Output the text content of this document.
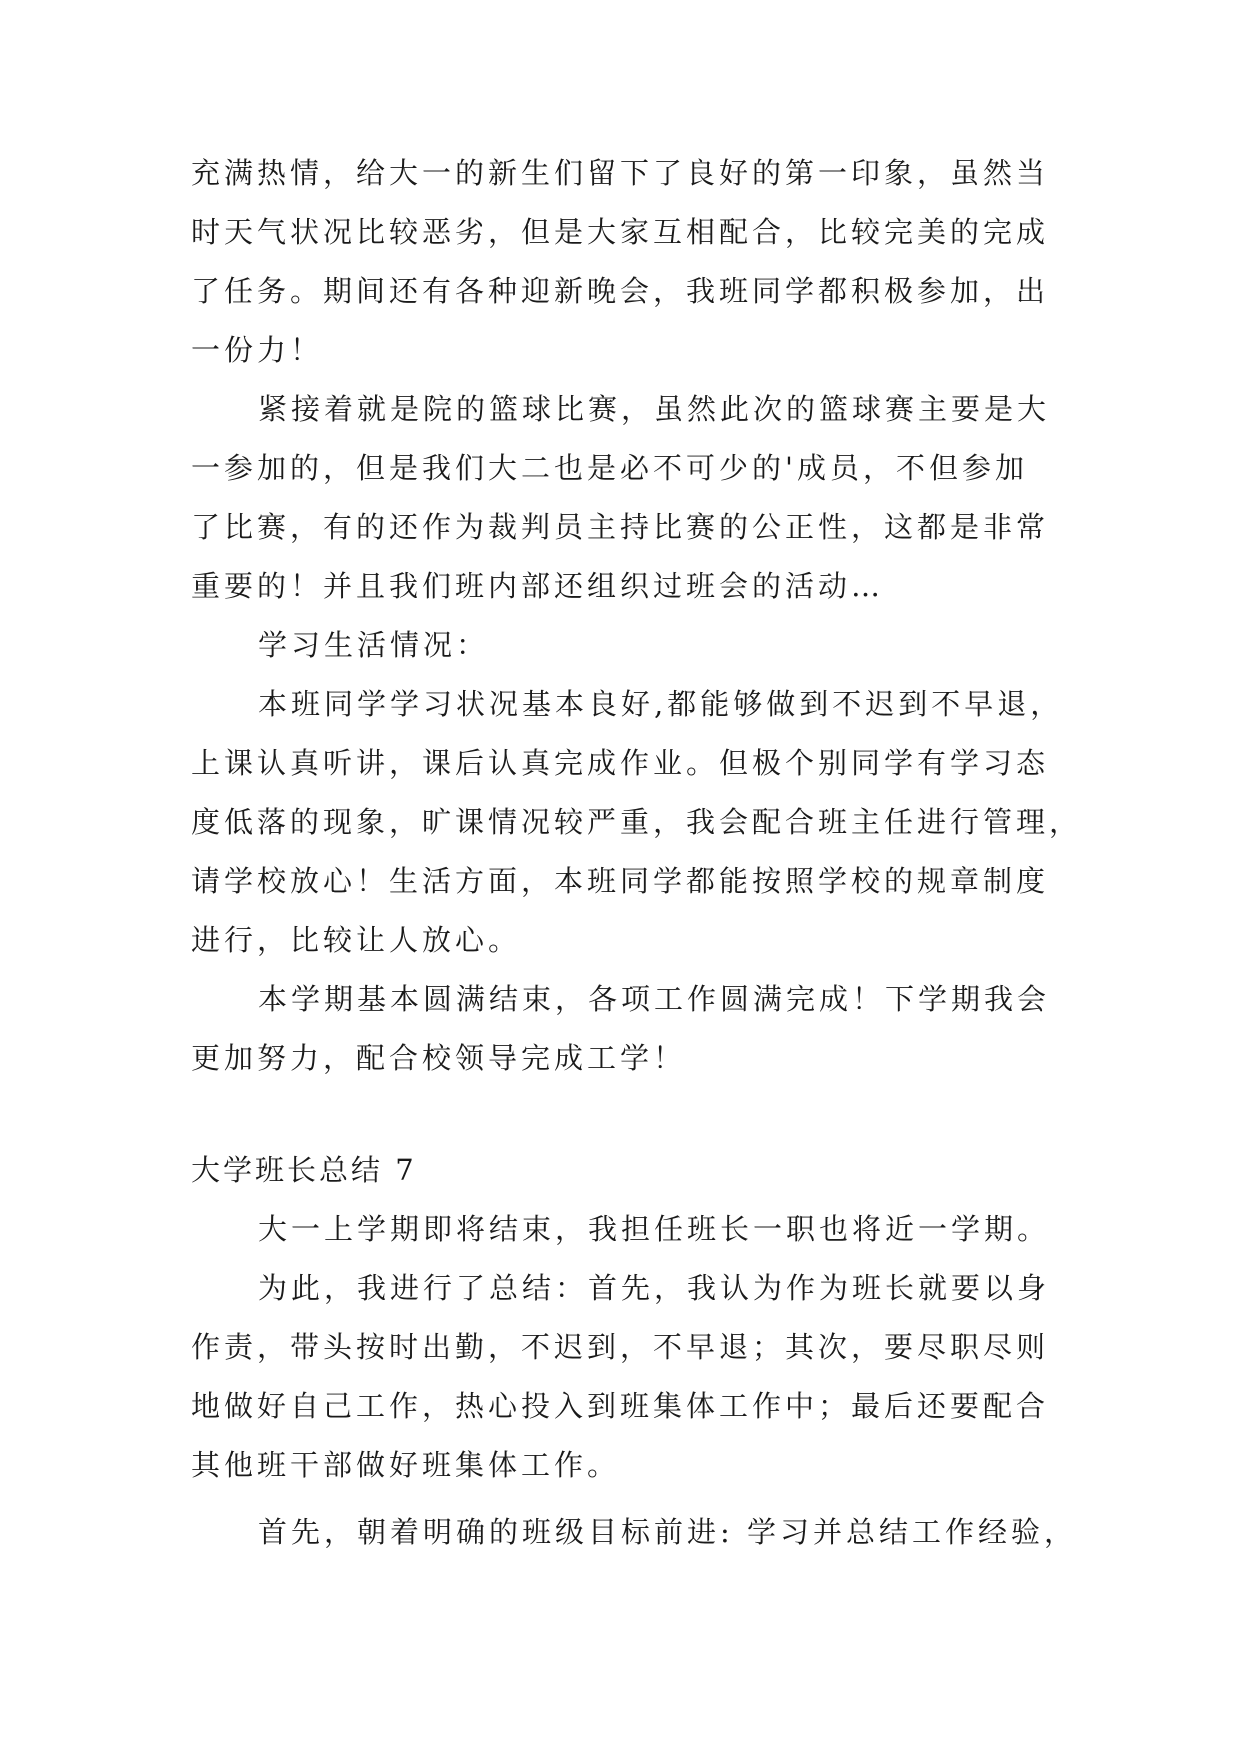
充满热情，给大一的新生们留下了良好的第一印象，虽然当
时天气状况比较恶劣，但是大家互相配合，比较完美的完成
了任务。期间还有各种迎新晚会，我班同学都积极参加，出
一份力！
紧接着就是院的篮球比赛，虽然此次的篮球赛主要是大
一参加的，但是我们大二也是必不可少的'成员，不但参加
了比赛，有的还作为裁判员主持比赛的公正性，这都是非常
重要的！并且我们班内部还组织过班会的活动…
学习生活情况：
本班同学学习状况基本良好,都能够做到不迟到不早退，
上课认真听讲，课后认真完成作业。但极个别同学有学习态
度低落的现象，旷课情况较严重，我会配合班主任进行管理，
请学校放心！生活方面，本班同学都能按照学校的规章制度
进行，比较让人放心。
本学期基本圆满结束，各项工作圆满完成！下学期我会
更加努力，配合校领导完成工学！
大学班长总结 7
大一上学期即将结束，我担任班长一职也将近一学期。
为此，我进行了总结：首先，我认为作为班长就要以身
作责，带头按时出勤，不迟到，不早退；其次，要尽职尽则
地做好自己工作，热心投入到班集体工作中；最后还要配合
其他班干部做好班集体工作。
首先，朝着明确的班级目标前进: 学习并总结工作经验，
